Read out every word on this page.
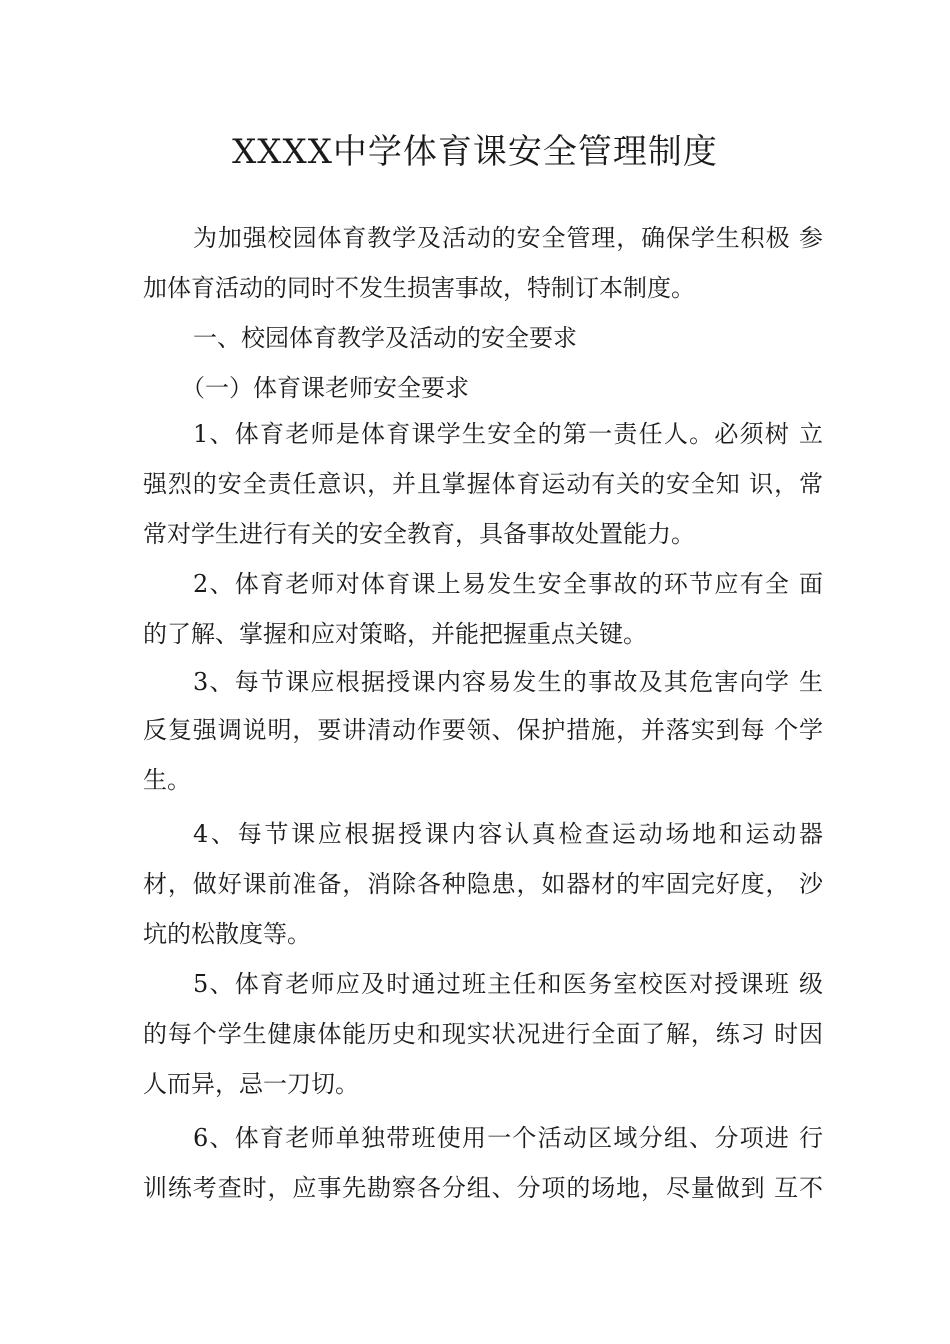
XXXX中学体育课安全管理制度
为加强校园体育教学及活动的安全管理，确保学生积极 参
加体育活动的同时不发生损害事故，特制订本制度。
一、校园体育教学及活动的安全要求
（一）体育课老师安全要求
1、体育老师是体育课学生安全的第一责任人。必须树 立
强烈的安全责任意识，并且掌握体育运动有关的安全知 识，常
常对学生进行有关的安全教育，具备事故处置能力。
2、体育老师对体育课上易发生安全事故的环节应有全 面
的了解、掌握和应对策略，并能把握重点关键。
3、每节课应根据授课内容易发生的事故及其危害向学 生
反复强调说明，要讲清动作要领、保护措施，并落实到每 个学
生。
4、每节课应根据授课内容认真检查运动场地和运动器
材，做好课前准备，消除各种隐患，如器材的牢固完好度， 沙
坑的松散度等。
5、体育老师应及时通过班主任和医务室校医对授课班 级
的每个学生健康体能历史和现实状况进行全面了解，练习 时因
人而异，忌一刀切。
6、体育老师单独带班使用一个活动区域分组、分项进 行
训练考查时，应事先勘察各分组、分项的场地，尽量做到 互不
